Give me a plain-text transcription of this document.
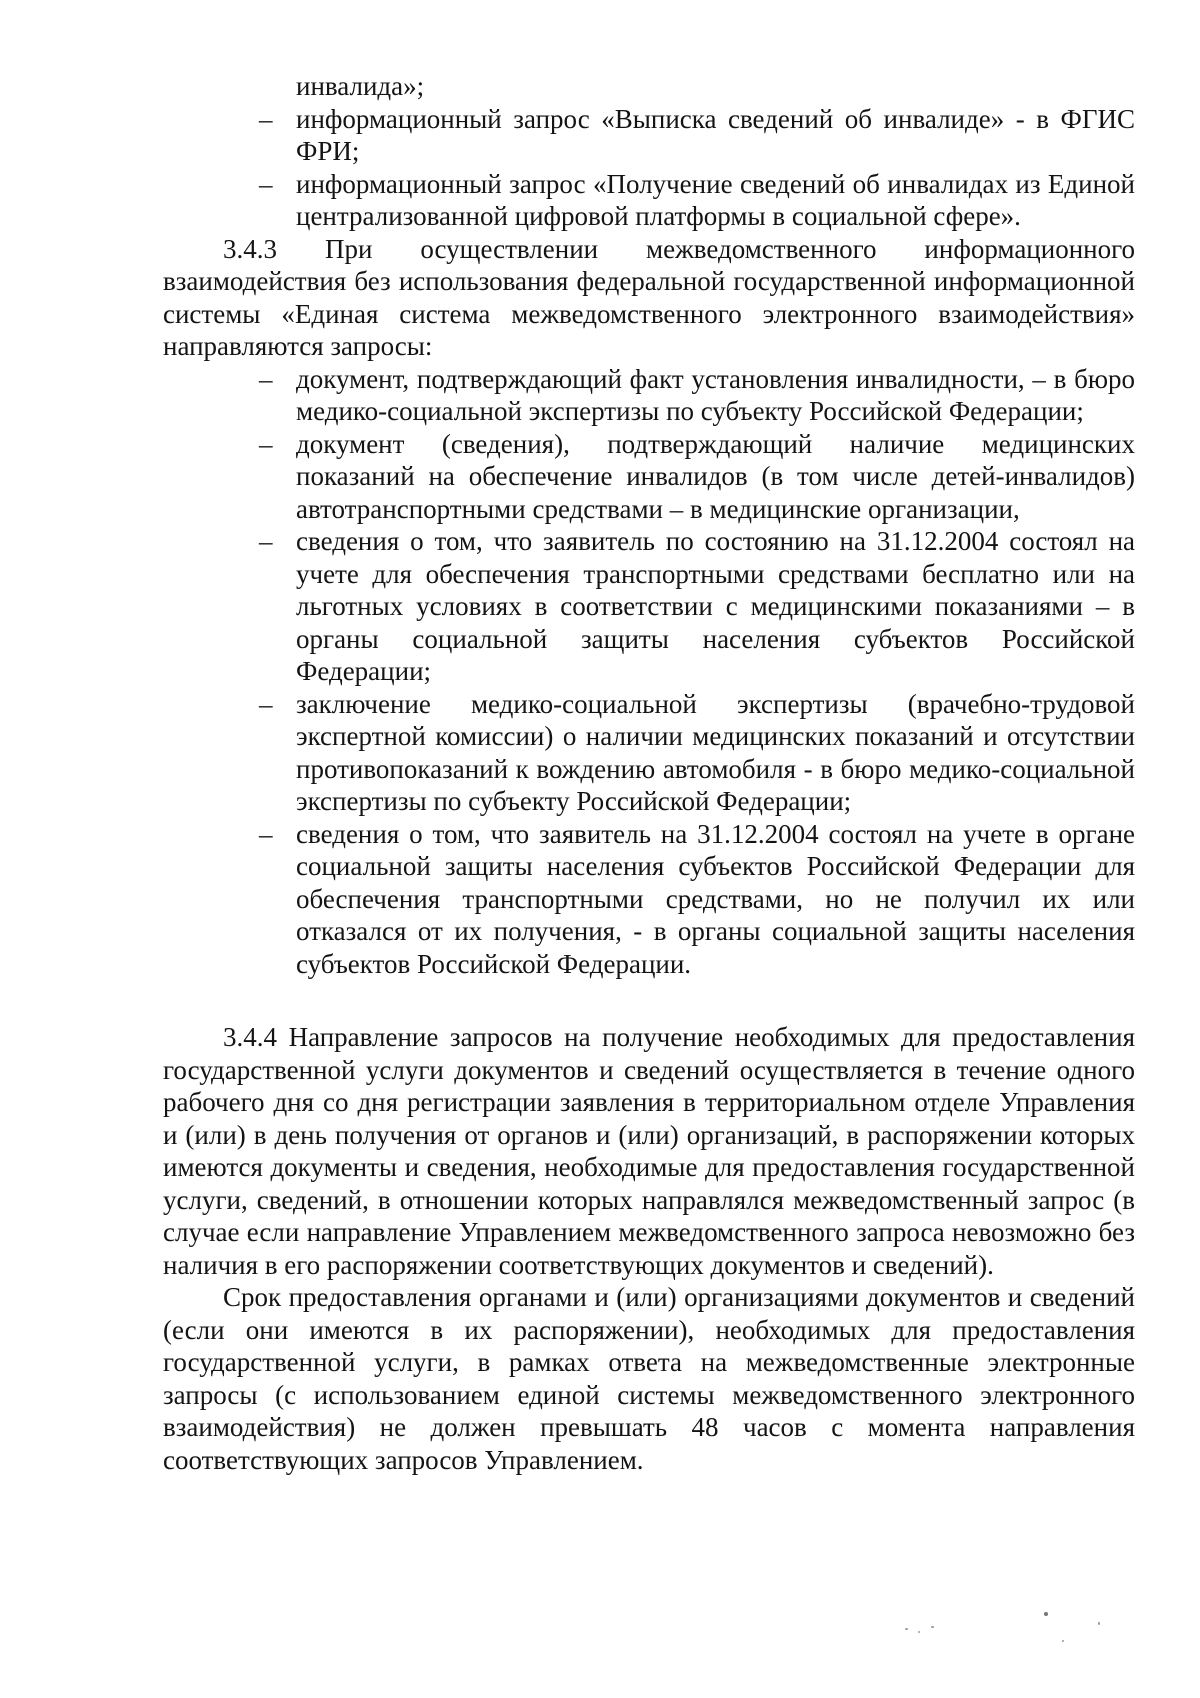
инвалида»;

– информационный запрос «Выписка сведений об инвалиде» - в ФГИС ФРИ;
– информационный запрос «Получение сведений об инвалидах из Единой централизованной цифровой платформы в социальной сфере».

3.4.3 При осуществлении межведомственного информационного взаимодействия без использования федеральной государственной информационной системы «Единая система межведомственного электронного взаимодействия» направляются запросы:

– документ, подтверждающий факт установления инвалидности, – в бюро медико-социальной экспертизы по субъекту Российской Федерации;
– документ (сведения), подтверждающий наличие медицинских показаний на обеспечение инвалидов (в том числе детей-инвалидов) автотранспортными средствами – в медицинские организации,
– сведения о том, что заявитель по состоянию на 31.12.2004 состоял на учете для обеспечения транспортными средствами бесплатно или на льготных условиях в соответствии с медицинскими показаниями – в органы социальной защиты населения субъектов Российской Федерации;
– заключение медико-социальной экспертизы (врачебно-трудовой экспертной комиссии) о наличии медицинских показаний и отсутствии противопоказаний к вождению автомобиля - в бюро медико-социальной экспертизы по субъекту Российской Федерации;
– сведения о том, что заявитель на 31.12.2004 состоял на учете в органе социальной защиты населения субъектов Российской Федерации для обеспечения транспортными средствами, но не получил их или отказался от их получения, - в органы социальной защиты населения субъектов Российской Федерации.

3.4.4 Направление запросов на получение необходимых для предоставления государственной услуги документов и сведений осуществляется в течение одного рабочего дня со дня регистрации заявления в территориальном отделе Управления и (или) в день получения от органов и (или) организаций, в распоряжении которых имеются документы и сведения, необходимые для предоставления государственной услуги, сведений, в отношении которых направлялся межведомственный запрос (в случае если направление Управлением межведомственного запроса невозможно без наличия в его распоряжении соответствующих документов и сведений).

Срок предоставления органами и (или) организациями документов и сведений (если они имеются в их распоряжении), необходимых для предоставления государственной услуги, в рамках ответа на межведомственные электронные запросы (с использованием единой системы межведомственного электронного взаимодействия) не должен превышать 48 часов с момента направления соответствующих запросов Управлением.
